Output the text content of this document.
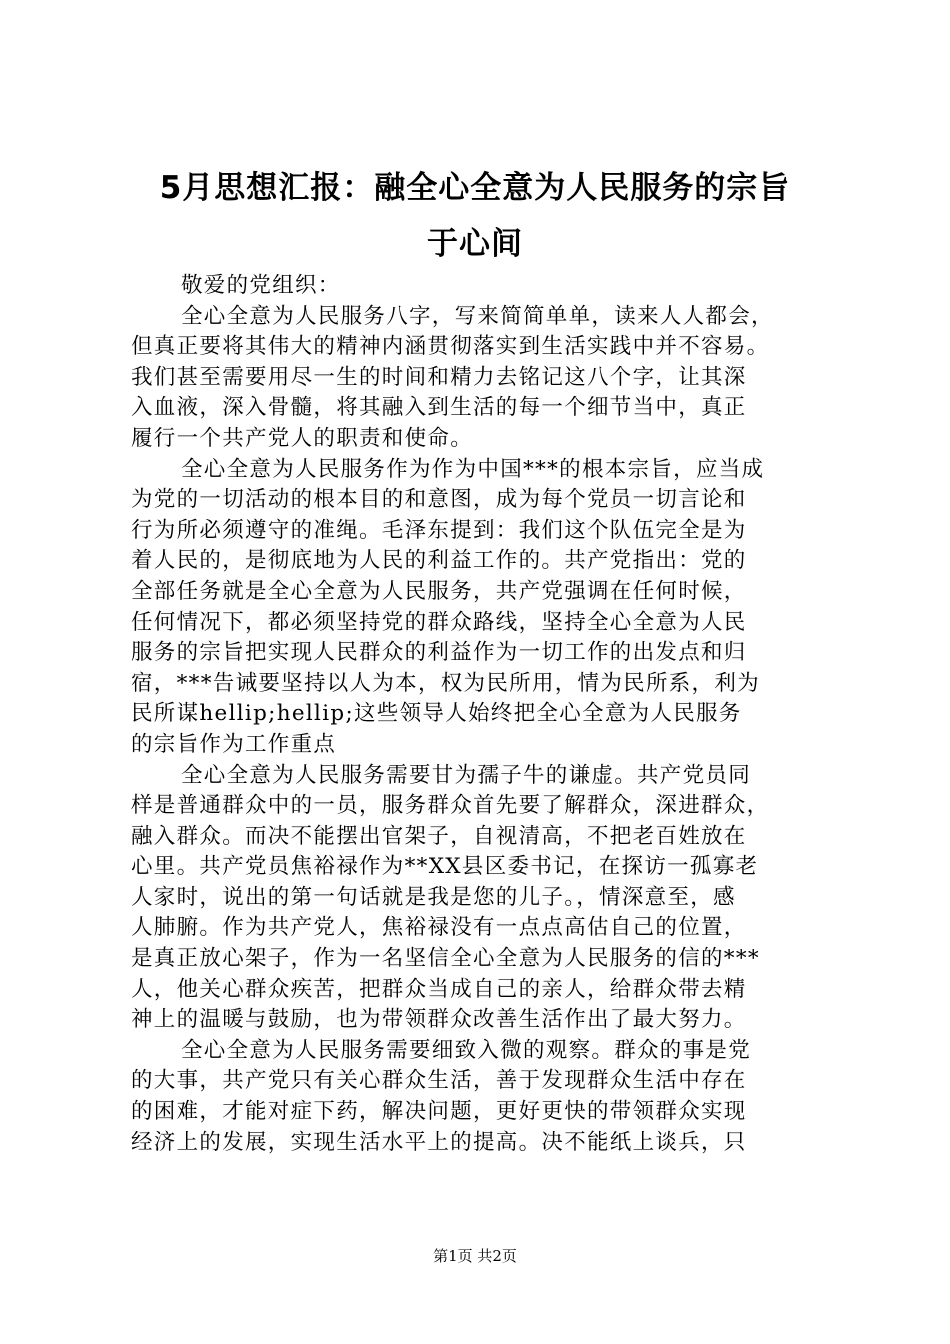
5月思想汇报：融全心全意为人民服务的宗旨
于心间
敬爱的党组织：
全心全意为人民服务八字，写来简简单单，读来人人都会，
但真正要将其伟大的精神内涵贯彻落实到生活实践中并不容易。
我们甚至需要用尽一生的时间和精力去铭记这八个字，让其深
入血液，深入骨髓，将其融入到生活的每一个细节当中，真正
履行一个共产党人的职责和使命。
全心全意为人民服务作为作为中国***的根本宗旨，应当成
为党的一切活动的根本目的和意图，成为每个党员一切言论和
行为所必须遵守的准绳。毛泽东提到：我们这个队伍完全是为
着人民的，是彻底地为人民的利益工作的。共产党指出：党的
全部任务就是全心全意为人民服务，共产党强调在任何时候，
任何情况下，都必须坚持党的群众路线，坚持全心全意为人民
服务的宗旨把实现人民群众的利益作为一切工作的出发点和归
宿，***告诫要坚持以人为本，权为民所用，情为民所系，利为
民所谋hellip;hellip;这些领导人始终把全心全意为人民服务
的宗旨作为工作重点
全心全意为人民服务需要甘为孺子牛的谦虚。共产党员同
样是普通群众中的一员，服务群众首先要了解群众，深进群众，
融入群众。而决不能摆出官架子，自视清高，不把老百姓放在
心里。共产党员焦裕禄作为**XX县区委书记，在探访一孤寡老
人家时，说出的第一句话就是我是您的儿子。，情深意至，感
人肺腑。作为共产党人，焦裕禄没有一点点高估自己的位置，
是真正放心架子，作为一名坚信全心全意为人民服务的信的***
人，他关心群众疾苦，把群众当成自己的亲人，给群众带去精
神上的温暖与鼓励，也为带领群众改善生活作出了最大努力。
全心全意为人民服务需要细致入微的观察。群众的事是党
的大事，共产党只有关心群众生活，善于发现群众生活中存在
的困难，才能对症下药，解决问题，更好更快的带领群众实现
经济上的发展，实现生活水平上的提高。决不能纸上谈兵，只
第1页 共2页
